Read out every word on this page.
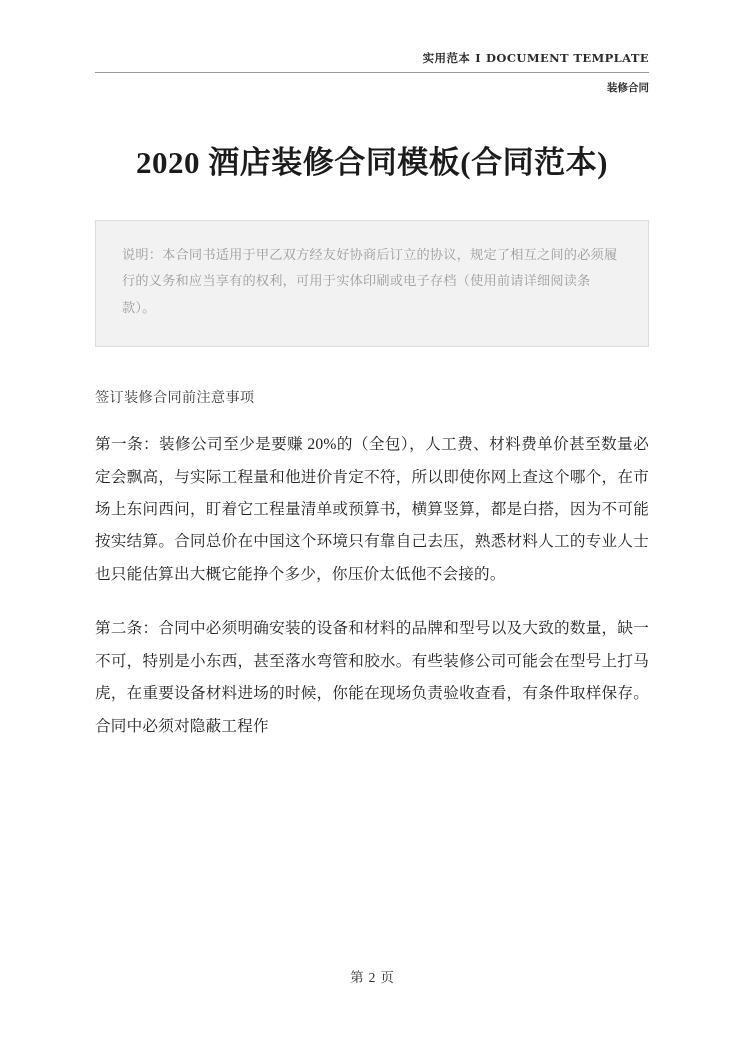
实用范本 I DOCUMENT TEMPLATE
装修合同
2020 酒店装修合同模板(合同范本)
说明：本合同书适用于甲乙双方经友好协商后订立的协议，规定了相互之间的必须履行的义务和应当享有的权利，可用于实体印刷或电子存档（使用前请详细阅读条款）。
签订装修合同前注意事项

第一条：装修公司至少是要赚 20%的（全包），人工费、材料费单价甚至数量必定会飘高，与实际工程量和他进价肯定不符，所以即使你网上查这个哪个，在市场上东问西问，盯着它工程量清单或预算书，横算竖算，都是白搭，因为不可能按实结算。合同总价在中国这个环境只有靠自己去压，熟悉材料人工的专业人士也只能估算出大概它能挣个多少，你压价太低他不会接的。

第二条：合同中必须明确安装的设备和材料的品牌和型号以及大致的数量，缺一不可，特别是小东西，甚至落水弯管和胶水。有些装修公司可能会在型号上打马虎，在重要设备材料进场的时候，你能在现场负责验收查看，有条件取样保存。合同中必须对隐蔽工程作

第 2 页
